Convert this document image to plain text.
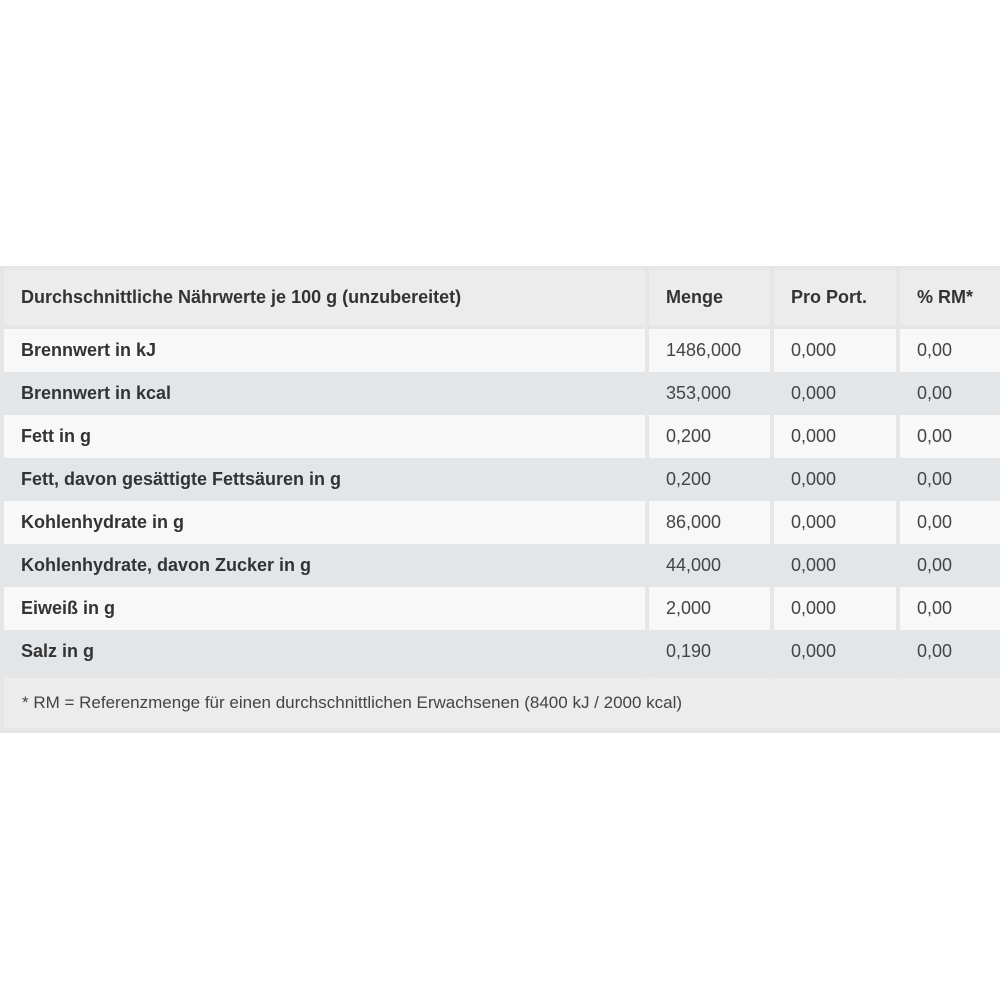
Durchschnittliche Nährwerte je 100 g (unzubereitet)	Menge	Pro Port.	% RM*
Brennwert in kJ	1486,000	0,000	0,00
Brennwert in kcal	353,000	0,000	0,00
Fett in g	0,200	0,000	0,00
Fett, davon gesättigte Fettsäuren in g	0,200	0,000	0,00
Kohlenhydrate in g	86,000	0,000	0,00
Kohlenhydrate, davon Zucker in g	44,000	0,000	0,00
Eiweiß in g	2,000	0,000	0,00
Salz in g	0,190	0,000	0,00
* RM = Referenzmenge für einen durchschnittlichen Erwachsenen (8400 kJ / 2000 kcal)
